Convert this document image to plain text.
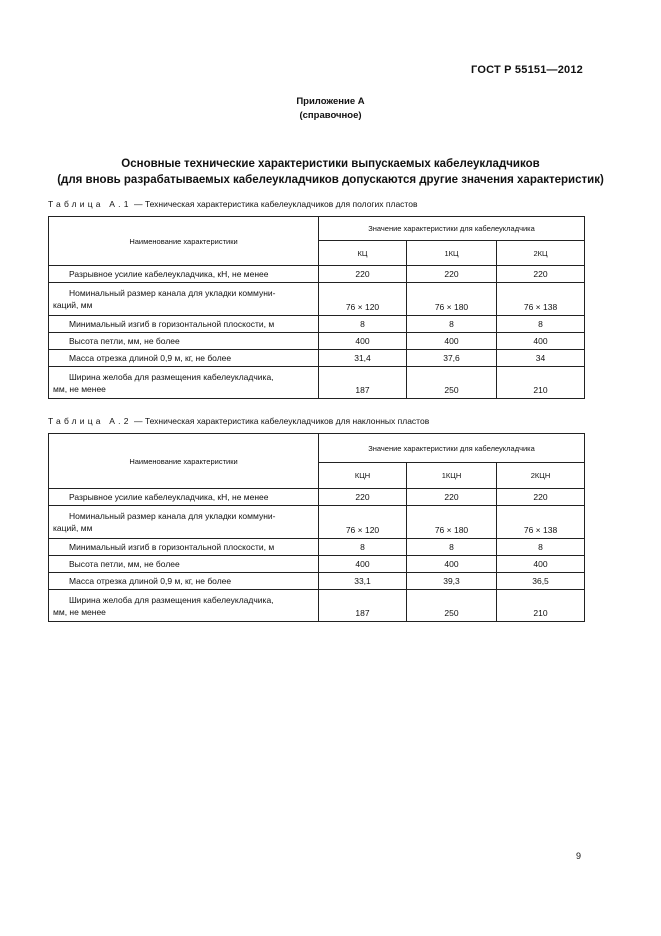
ГОСТ Р 55151—2012
Приложение А
(справочное)
Основные технические характеристики выпускаемых кабелеукладчиков
(для вновь разрабатываемых кабелеукладчиков допускаются другие значения характеристик)
Таблица А.1 — Техническая характеристика кабелеукладчиков для пологих пластов
Наименование характеристики	Значение характеристики для кабелеукладчика		
	КЦ	1КЦ	2КЦ
Разрывное усилие кабелеукладчика, кН, не менее	220	220	220

Номинальный размер канала для укладки коммуни-
каций, мм	76 × 120	76 × 180	76 × 138
Минимальный изгиб в горизонтальной плоскости, м	8	8	8
Высота петли, мм, не более	400	400	400
Масса отрезка длиной 0,9 м, кг, не более	31,4	37,6	34

Ширина желоба для размещения кабелеукладчика,
мм, не менее	187	250	210
Таблица А.2 — Техническая характеристика кабелеукладчиков для наклонных пластов
Наименование характеристики	Значение характеристики для кабелеукладчика		
	КЦН	1КЦН	2КЦН
Разрывное усилие кабелеукладчика, кН, не менее	220	220	220

Номинальный размер канала для укладки коммуни-
каций, мм	76 × 120	76 × 180	76 × 138
Минимальный изгиб в горизонтальной плоскости, м	8	8	8
Высота петли, мм, не более	400	400	400
Масса отрезка длиной 0,9 м, кг, не более	33,1	39,3	36,5

Ширина желоба для размещения кабелеукладчика,
мм, не менее	187	250	210
9
